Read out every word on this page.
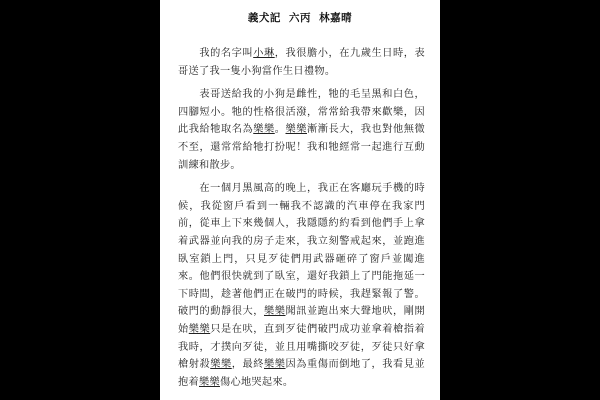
義犬記 六丙 林嘉晴

我的名字叫小琳，我很膽小，在九歲生日時，表哥送了我一隻小狗當作生日禮物。

表哥送給我的小狗是雌性，牠的毛呈黑和白色，四腳短小。牠的性格很活潑，常常給我帶來歡樂，因此我給牠取名為樂樂。樂樂漸漸長大，我也對他無微不至，還常常給牠打扮呢！我和牠經常一起進行互動訓練和散步。

在一個月黑風高的晚上，我正在客廳玩手機的時候，我從窗戶看到一輛我不認識的汽車停在我家門前，從車上下來幾個人，我隱隱約約看到他們手上拿着武器並向我的房子走來，我立刻警戒起來，並跑進臥室鎖上門，只見歹徒們用武器砸碎了窗戶並闖進來。他們很快就到了臥室，還好我鎖上了門能拖延一下時間，趁著他們正在破門的時候，我趕緊報了警。破門的動靜很大，樂樂聞訊並跑出來大聲地吠，剛開始樂樂只是在吠，直到歹徒們破門成功並拿着槍指着我時，才撲向歹徒，並且用嘴撕咬歹徒，歹徒只好拿槍射殺樂樂，最終樂樂因為重傷而倒地了，我看見並抱着樂樂傷心地哭起來。
